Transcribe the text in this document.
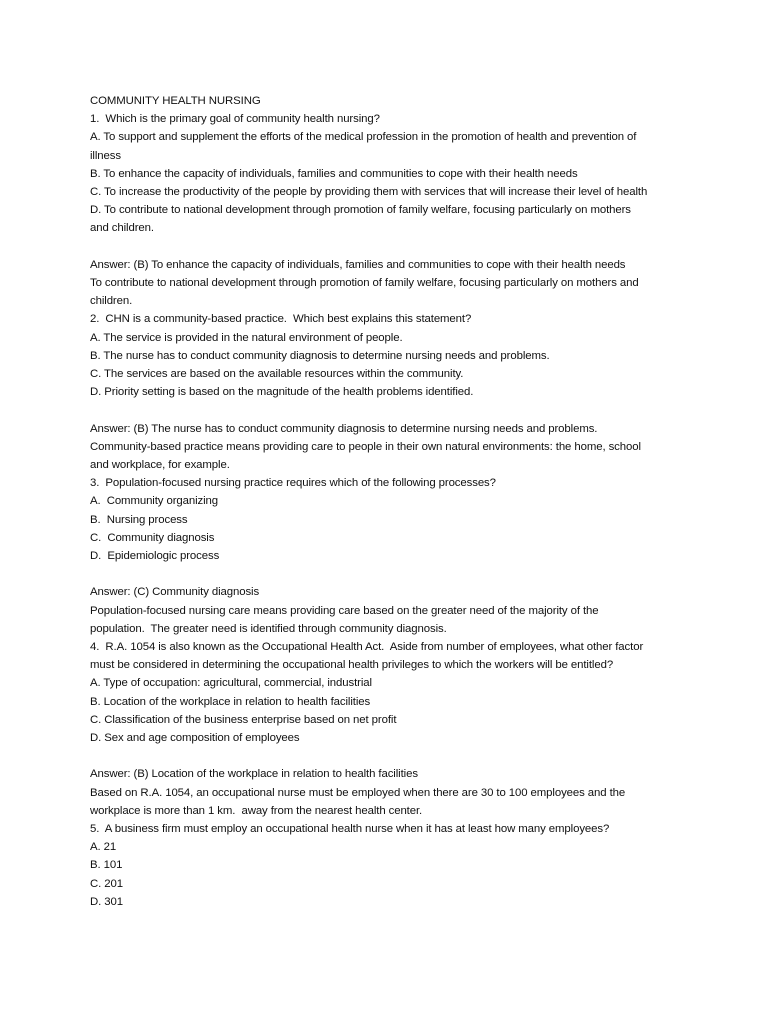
COMMUNITY HEALTH NURSING
1.  Which is the primary goal of community health nursing?
A. To support and supplement the efforts of the medical profession in the promotion of health and prevention of
illness
B. To enhance the capacity of individuals, families and communities to cope with their health needs
C. To increase the productivity of the people by providing them with services that will increase their level of health
D. To contribute to national development through promotion of family welfare, focusing particularly on mothers
and children.
Answer: (B) To enhance the capacity of individuals, families and communities to cope with their health needs
To contribute to national development through promotion of family welfare, focusing particularly on mothers and
children.
2.  CHN is a community-based practice.  Which best explains this statement?
A. The service is provided in the natural environment of people.
B. The nurse has to conduct community diagnosis to determine nursing needs and problems.
C. The services are based on the available resources within the community.
D. Priority setting is based on the magnitude of the health problems identified.
Answer: (B) The nurse has to conduct community diagnosis to determine nursing needs and problems.
Community-based practice means providing care to people in their own natural environments: the home, school
and workplace, for example.
3.  Population-focused nursing practice requires which of the following processes?
A.  Community organizing
B.  Nursing process
C.  Community diagnosis
D.  Epidemiologic process
Answer: (C) Community diagnosis
Population-focused nursing care means providing care based on the greater need of the majority of the
population.  The greater need is identified through community diagnosis.
4.  R.A. 1054 is also known as the Occupational Health Act.  Aside from number of employees, what other factor
must be considered in determining the occupational health privileges to which the workers will be entitled?
A. Type of occupation: agricultural, commercial, industrial
B. Location of the workplace in relation to health facilities
C. Classification of the business enterprise based on net profit
D. Sex and age composition of employees
Answer: (B) Location of the workplace in relation to health facilities
Based on R.A. 1054, an occupational nurse must be employed when there are 30 to 100 employees and the
workplace is more than 1 km.  away from the nearest health center.
5.  A business firm must employ an occupational health nurse when it has at least how many employees?
A. 21
B. 101
C. 201
D. 301
